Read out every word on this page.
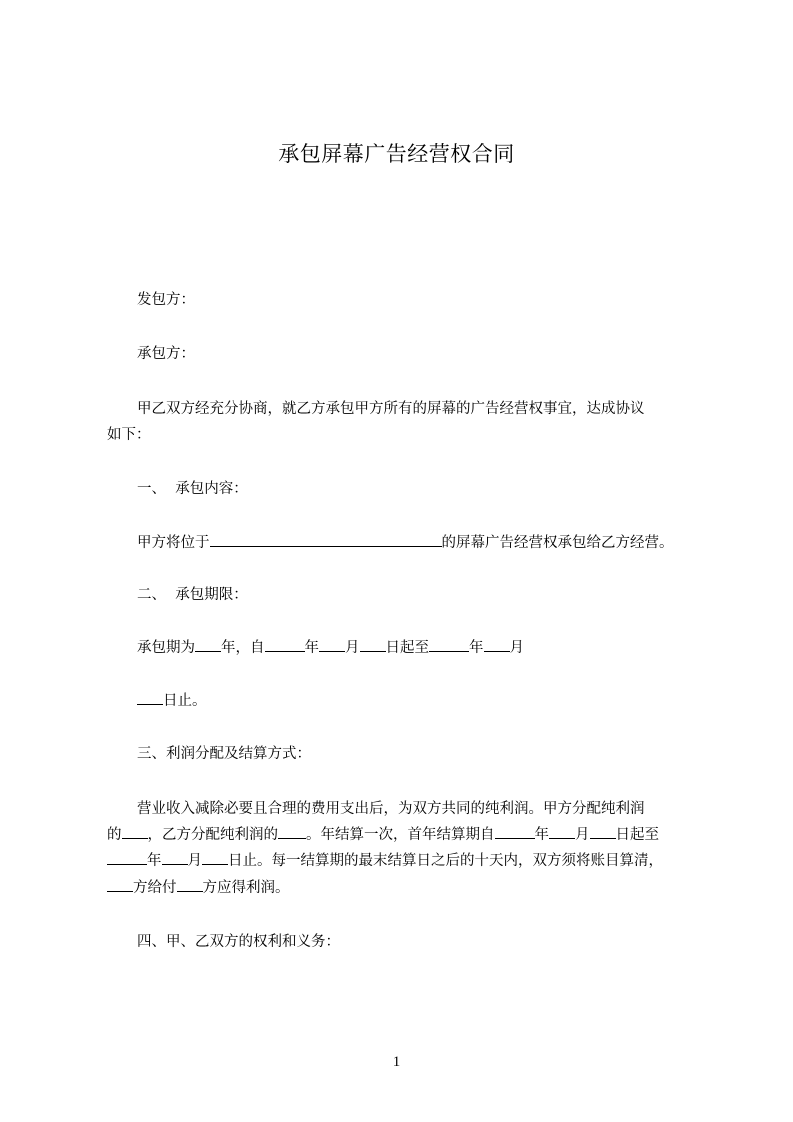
承包屏幕广告经营权合同
发包方：
承包方：
甲乙双方经充分协商，就乙方承包甲方所有的屏幕的广告经营权事宜，达成协议
如下：
一、  承包内容：
甲方将位于	的屏幕广告经营权承包给乙方经营。
二、  承包期限：
承包期为 年，自	年 月 日起至	年 月
日止。
三、利润分配及结算方式：
营业收入减除必要且合理的费用支出后，为双方共同的纯利润。甲方分配纯利润
的 ，乙方分配纯利润的 。年结算一次，首年结算期自	年 月 日起至
年 月 日止。每一结算期的最末结算日之后的十天内，双方须将账目算清，
方给付 方应得利润。
四、甲、乙双方的权利和义务：
1
